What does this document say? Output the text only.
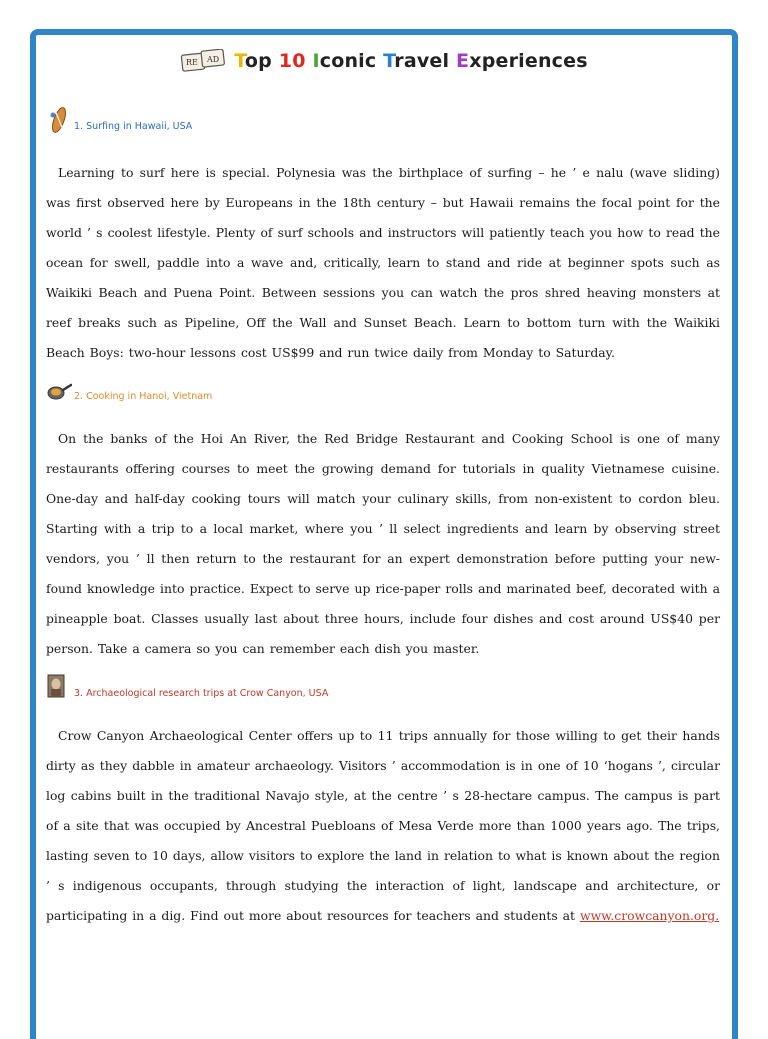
RE AD Top 10 Iconic Travel Experiences
1. Surfing in Hawaii, USA
Learning to surf here is special. Polynesia was the birthplace of surfing – he ’ e nalu (wave sliding) was first observed here by Europeans in the 18th century – but Hawaii remains the focal point for the world ’ s coolest lifestyle. Plenty of surf schools and instructors will patiently teach you how to read the ocean for swell, paddle into a wave and, critically, learn to stand and ride at beginner spots such as Waikiki Beach and Puena Point. Between sessions you can watch the pros shred heaving monsters at reef breaks such as Pipeline, Off the Wall and Sunset Beach. Learn to bottom turn with the Waikiki Beach Boys: two-hour lessons cost US$99 and run twice daily from Monday to Saturday.
2. Cooking in Hanoi, Vietnam
On the banks of the Hoi An River, the Red Bridge Restaurant and Cooking School is one of many restaurants offering courses to meet the growing demand for tutorials in quality Vietnamese cuisine. One-day and half-day cooking tours will match your culinary skills, from non-existent to cordon bleu. Starting with a trip to a local market, where you ’ ll select ingredients and learn by observing street vendors, you ’ ll then return to the restaurant for an expert demonstration before putting your new-found knowledge into practice. Expect to serve up rice-paper rolls and marinated beef, decorated with a pineapple boat. Classes usually last about three hours, include four dishes and cost around US$40 per person. Take a camera so you can remember each dish you master.
3. Archaeological research trips at Crow Canyon, USA
Crow Canyon Archaeological Center offers up to 11 trips annually for those willing to get their hands dirty as they dabble in amateur archaeology. Visitors ’ accommodation is in one of 10 ‘hogans ’, circular log cabins built in the traditional Navajo style, at the centre ’ s 28-hectare campus. The campus is part of a site that was occupied by Ancestral Puebloans of Mesa Verde more than 1000 years ago. The trips, lasting seven to 10 days, allow visitors to explore the land in relation to what is known about the region ’ s indigenous occupants, through studying the interaction of light, landscape and architecture, or participating in a dig. Find out more about resources for teachers and students at www.crowcanyon.org.
